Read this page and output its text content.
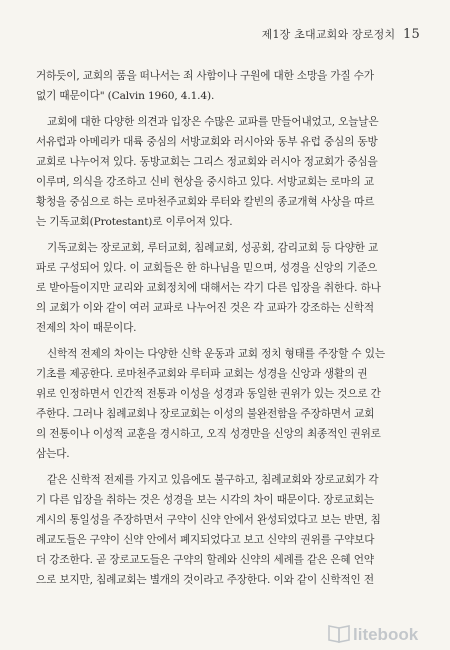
제1장 초대교회와 장로정치 15

거하듯이, 교회의 품을 떠나서는 죄 사함이나 구원에 대한 소망을 가질 수가
없기 때문이다" (Calvin 1960, 4.1.4).

교회에 대한 다양한 의견과 입장은 수많은 교파를 만들어내었고, 오늘날은
서유럽과 아메리카 대륙 중심의 서방교회와 러시아와 동부 유럽 중심의 동방
교회로 나누어져 있다. 동방교회는 그리스 정교회와 러시아 정교회가 중심을
이루며, 의식을 강조하고 신비 현상을 중시하고 있다. 서방교회는 로마의 교
황청을 중심으로 하는 로마천주교회와 루터와 칼빈의 종교개혁 사상을 따르
는 기독교회(Protestant)로 이루어져 있다.

기독교회는 장로교회, 루터교회, 침례교회, 성공회, 감리교회 등 다양한 교
파로 구성되어 있다. 이 교회들은 한 하나님을 믿으며, 성경을 신앙의 기준으
로 받아들이지만 교리와 교회정치에 대해서는 각기 다른 입장을 취한다. 하나
의 교회가 이와 같이 여러 교파로 나누어진 것은 각 교파가 강조하는 신학적
전제의 차이 때문이다.

신학적 전제의 차이는 다양한 신학 운동과 교회 정치 형태를 주장할 수 있는
기초를 제공한다. 로마천주교회와 루터파 교회는 성경을 신앙과 생활의 권
위로 인정하면서 인간적 전통과 이성을 성경과 동일한 권위가 있는 것으로 간
주한다. 그러나 침례교회나 장로교회는 이성의 불완전함을 주장하면서 교회
의 전통이나 이성적 교훈을 경시하고, 오직 성경만을 신앙의 최종적인 권위로
삼는다.

같은 신학적 전제를 가지고 있음에도 불구하고, 침례교회와 장로교회가 각
기 다른 입장을 취하는 것은 성경을 보는 시각의 차이 때문이다. 장로교회는
계시의 통일성을 주장하면서 구약이 신약 안에서 완성되었다고 보는 반면, 침
례교도들은 구약이 신약 안에서 폐지되었다고 보고 신약의 권위를 구약보다
더 강조한다. 곧 장로교도들은 구약의 할례와 신약의 세례를 같은 은혜 언약
으로 보지만, 침례교회는 별개의 것이라고 주장한다. 이와 같이 신학적인 전

litebook
